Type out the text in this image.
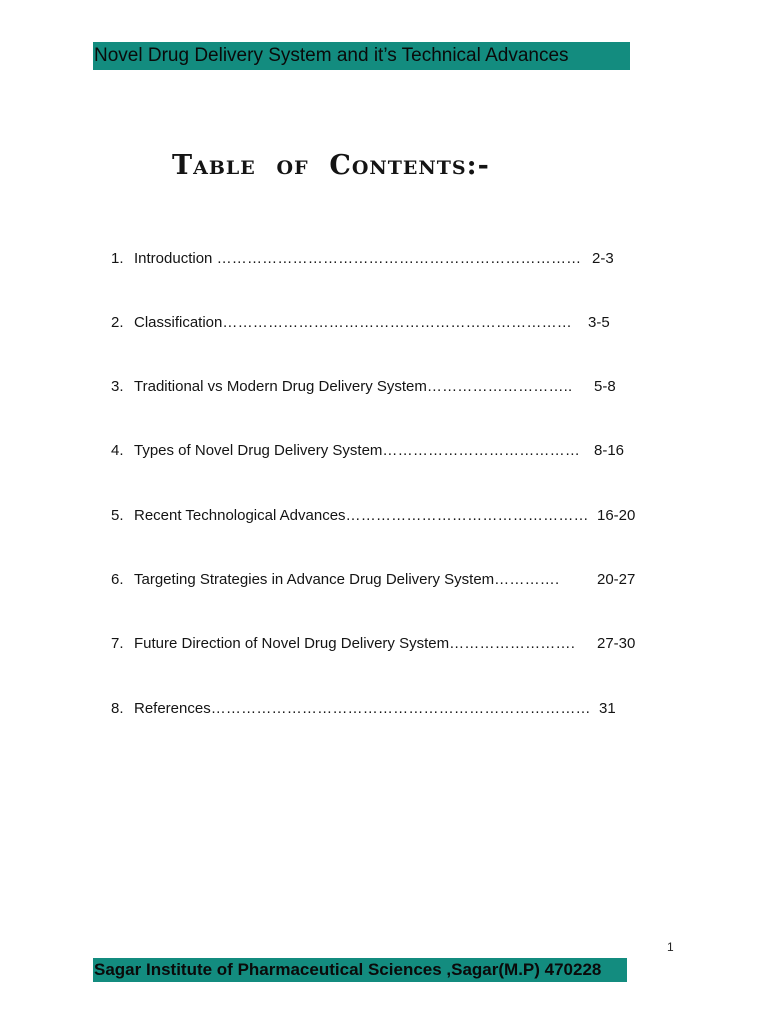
Novel Drug Delivery System and it’s Technical Advances
Table  of  Contents:-
1. Introduction ……………………………………………………………… 2-3
2. Classification…………………………………………………………… 3-5
3. Traditional vs Modern Drug Delivery System……………………….. 5-8
4. Types of Novel Drug Delivery System………………………………… 8-16
5. Recent Technological Advances………………………………………… 16-20
6. Targeting Strategies in Advance Drug Delivery System………….	20-27
7. Future Direction of Novel Drug Delivery System……………………. 27-30
8. References………………………………………………………………… 31
1
Sagar Institute of Pharmaceutical Sciences ,Sagar(M.P) 470228
